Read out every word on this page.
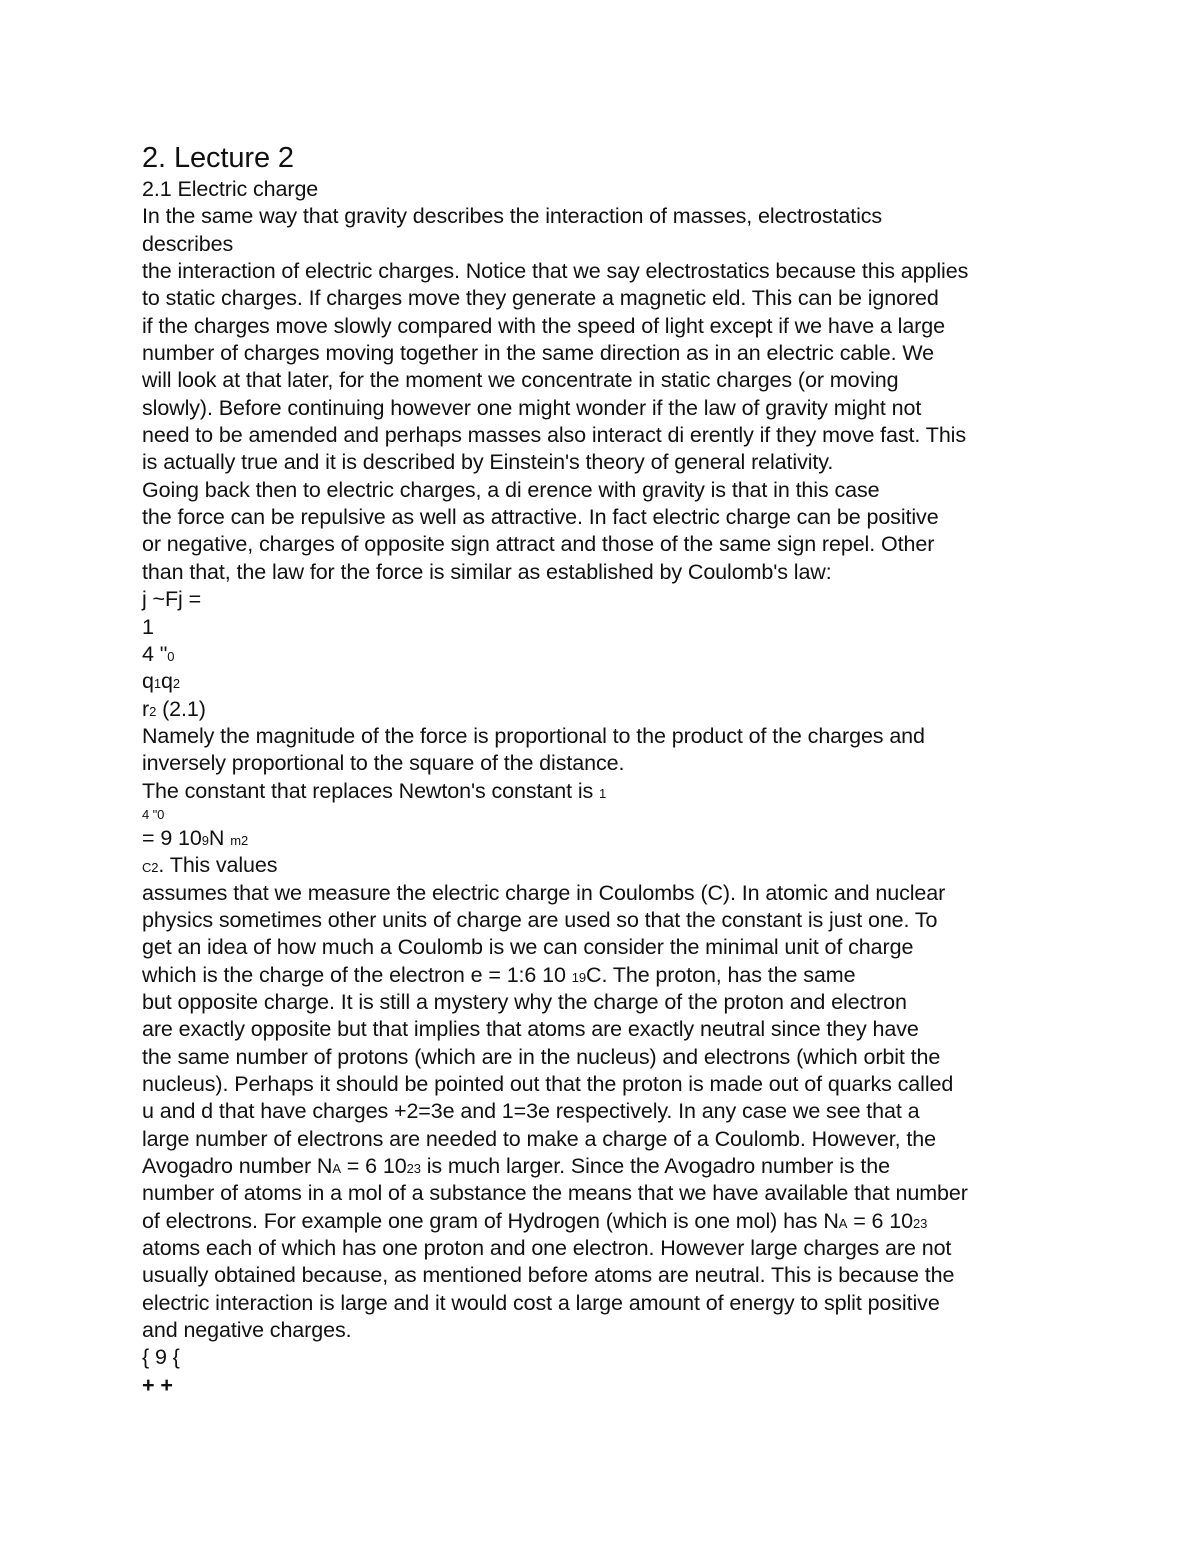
2. Lecture 2
2.1 Electric charge
In the same way that gravity describes the interaction of masses, electrostatics
describes
the interaction of electric charges. Notice that we say electrostatics because this applies
to static charges. If charges move they generate a magnetic eld. This can be ignored
if the charges move slowly compared with the speed of light except if we have a large
number of charges moving together in the same direction as in an electric cable. We
will look at that later, for the moment we concentrate in static charges (or moving
slowly). Before continuing however one might wonder if the law of gravity might not
need to be amended and perhaps masses also interact di erently if they move fast. This
is actually true and it is described by Einstein's theory of general relativity.
Going back then to electric charges, a di erence with gravity is that in this case
the force can be repulsive as well as attractive. In fact electric charge can be positive
or negative, charges of opposite sign attract and those of the same sign repel. Other
than that, the law for the force is similar as established by Coulomb's law:
j ~Fj =
1
4 "0
q1q2
r2 (2.1)
Namely the magnitude of the force is proportional to the product of the charges and
inversely proportional to the square of the distance.
The constant that replaces Newton's constant is 1
4 "0
= 9 109N m2
C2. This values
assumes that we measure the electric charge in Coulombs (C). In atomic and nuclear
physics sometimes other units of charge are used so that the constant is just one. To
get an idea of how much a Coulomb is we can consider the minimal unit of charge
which is the charge of the electron e = 1:6 10 19C. The proton, has the same
but opposite charge. It is still a mystery why the charge of the proton and electron
are exactly opposite but that implies that atoms are exactly neutral since they have
the same number of protons (which are in the nucleus) and electrons (which orbit the
nucleus). Perhaps it should be pointed out that the proton is made out of quarks called
u and d that have charges +2=3e and 1=3e respectively. In any case we see that a
large number of electrons are needed to make a charge of a Coulomb. However, the
Avogadro number NA = 6 1023 is much larger. Since the Avogadro number is the
number of atoms in a mol of a substance the means that we have available that number
of electrons. For example one gram of Hydrogen (which is one mol) has NA = 6 1023
atoms each of which has one proton and one electron. However large charges are not
usually obtained because, as mentioned before atoms are neutral. This is because the
electric interaction is large and it would cost a large amount of energy to split positive
and negative charges.
{ 9 {
+ +
